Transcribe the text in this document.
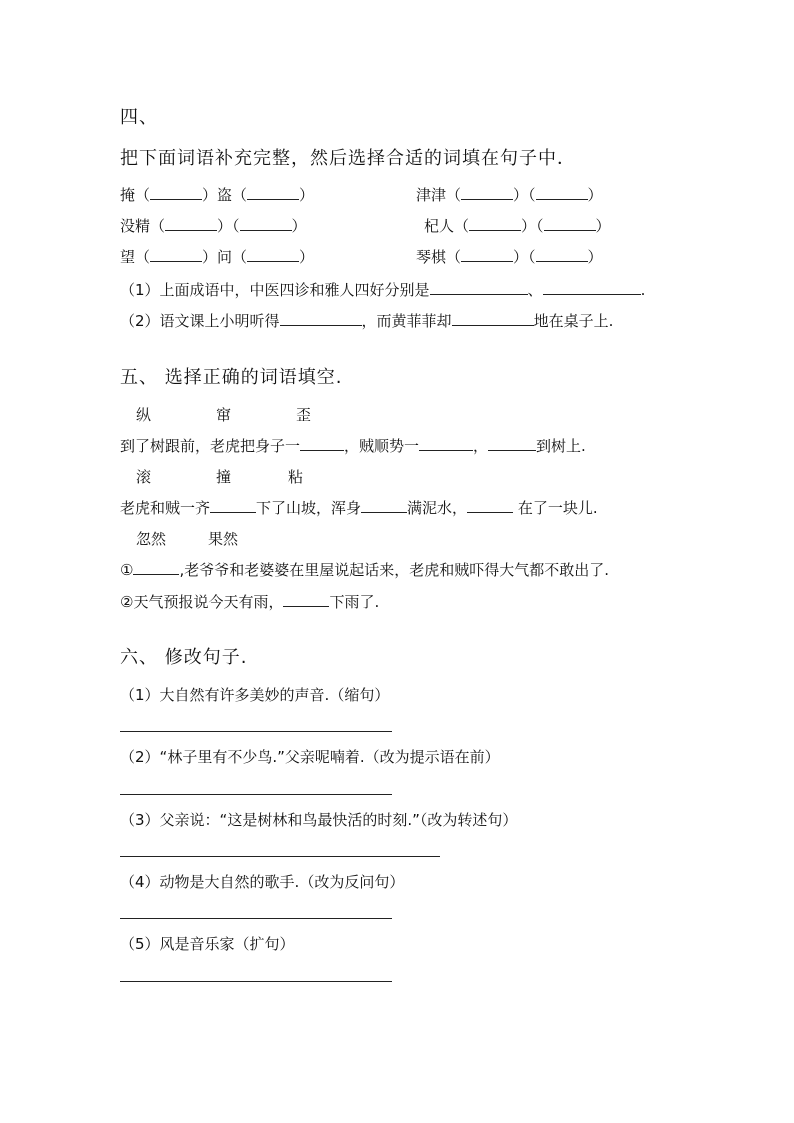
四、
把下面词语补充完整，然后选择合适的词填在句子中．
掩（	）盗（	）	津津（	）（	）
没精（	）（	）	杞人（	）（	）
望（	）问（	）	琴棋（	）（	）
（1）上面成语中，中医四诊和雅人四好分别是	、	.
（2）语文课上小明听得	，而黄菲菲却	地在桌子上.
五、 选择正确的词语填空.
纵	窜	歪
到了树跟前，老虎把身子一	，贼顺势一	，	到树上.
滚	撞	粘
老虎和贼一齐	下了山坡，浑身	满泥水，	在了一块儿.
忽然	果然
①	,老爷爷和老婆婆在里屋说起话来，老虎和贼吓得大气都不敢出了.
②天气预报说今天有雨，	下雨了.
六、 修改句子.
（1）大自然有许多美妙的声音.（缩句）
（2）“林子里有不少鸟.”父亲呢喃着.（改为提示语在前）
（3）父亲说：“这是树林和鸟最快活的时刻.”（改为转述句）
（4）动物是大自然的歌手.（改为反问句）
（5）风是音乐家（扩句）
